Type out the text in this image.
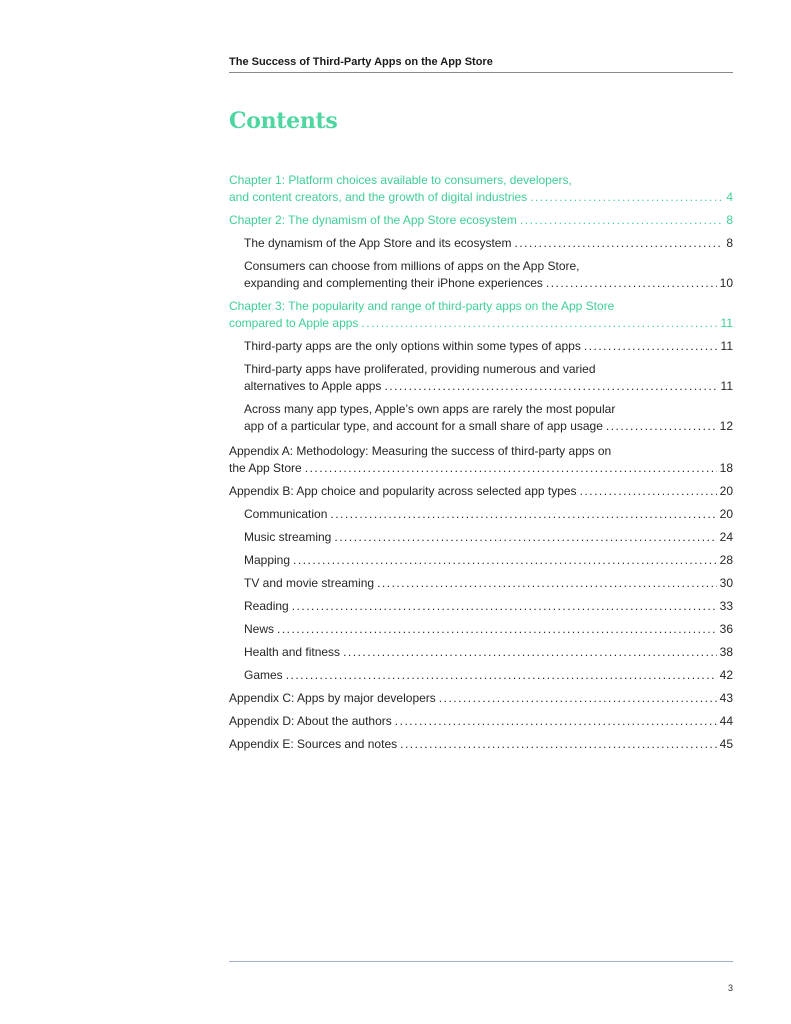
The Success of Third-Party Apps on the App Store
Contents
Chapter 1: Platform choices available to consumers, developers,
and content creators, and the growth of digital industries .....	4
Chapter 2: The dynamism of the App Store ecosystem .....	8
The dynamism of the App Store and its ecosystem .....	8
Consumers can choose from millions of apps on the App Store,
expanding and complementing their iPhone experiences .....	10
Chapter 3: The popularity and range of third-party apps on the App Store
compared to Apple apps .....	11
Third-party apps are the only options within some types of apps .....	11
Third-party apps have proliferated, providing numerous and varied
alternatives to Apple apps .....	11
Across many app types, Apple’s own apps are rarely the most popular
app of a particular type, and account for a small share of app usage .....	12
Appendix A: Methodology: Measuring the success of third-party apps on
the App Store .....	18
Appendix B: App choice and popularity across selected app types .....	20
Communication .....	20
Music streaming .....	24
Mapping .....	28
TV and movie streaming .....	30
Reading .....	33
News .....	36
Health and fitness .....	38
Games .....	42
Appendix C: Apps by major developers .....	43
Appendix D: About the authors .....	44
Appendix E: Sources and notes .....	45
3
